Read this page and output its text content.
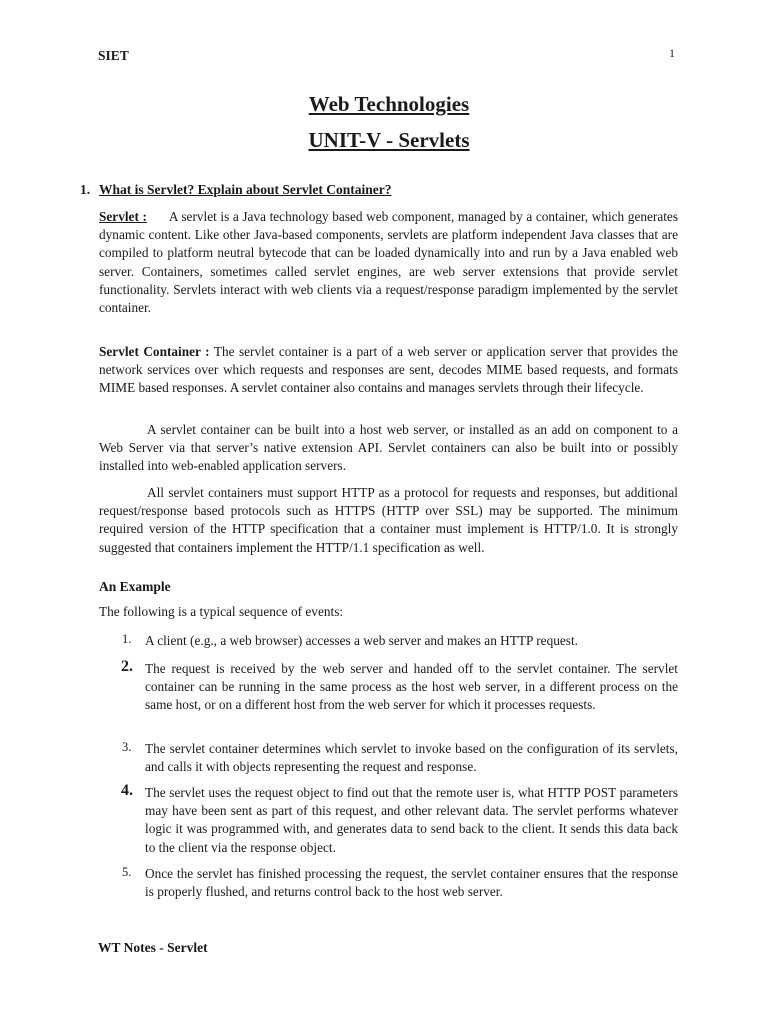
SIET	1
Web Technologies
UNIT-V - Servlets
1. What is Servlet? Explain about Servlet Container?

Servlet : A servlet is a Java technology based web component, managed by a container, which generates dynamic content. Like other Java-based components, servlets are platform independent Java classes that are compiled to platform neutral bytecode that can be loaded dynamically into and run by a Java enabled web server. Containers, sometimes called servlet engines, are web server extensions that provide servlet functionality. Servlets interact with web clients via a request/response paradigm implemented by the servlet container.

Servlet Container : The servlet container is a part of a web server or application server that provides the network services over which requests and responses are sent, decodes MIME based requests, and formats MIME based responses. A servlet container also contains and manages servlets through their lifecycle.

A servlet container can be built into a host web server, or installed as an add on component to a Web Server via that server’s native extension API. Servlet containers can also be built into or possibly installed into web-enabled application servers.

All servlet containers must support HTTP as a protocol for requests and responses, but additional request/response based protocols such as HTTPS (HTTP over SSL) may be supported. The minimum required version of the HTTP specification that a container must implement is HTTP/1.0. It is strongly suggested that containers implement the HTTP/1.1 specification as well.

An Example
The following is a typical sequence of events:
1. A client (e.g., a web browser) accesses a web server and makes an HTTP request.
2. The request is received by the web server and handed off to the servlet container. The servlet container can be running in the same process as the host web server, in a different process on the same host, or on a different host from the web server for which it processes requests.
3. The servlet container determines which servlet to invoke based on the configuration of its servlets, and calls it with objects representing the request and response.
4. The servlet uses the request object to find out that the remote user is, what HTTP POST parameters may have been sent as part of this request, and other relevant data. The servlet performs whatever logic it was programmed with, and generates data to send back to the client. It sends this data back to the client via the response object.
5. Once the servlet has finished processing the request, the servlet container ensures that the response is properly flushed, and returns control back to the host web server.
WT Notes - Servlet
